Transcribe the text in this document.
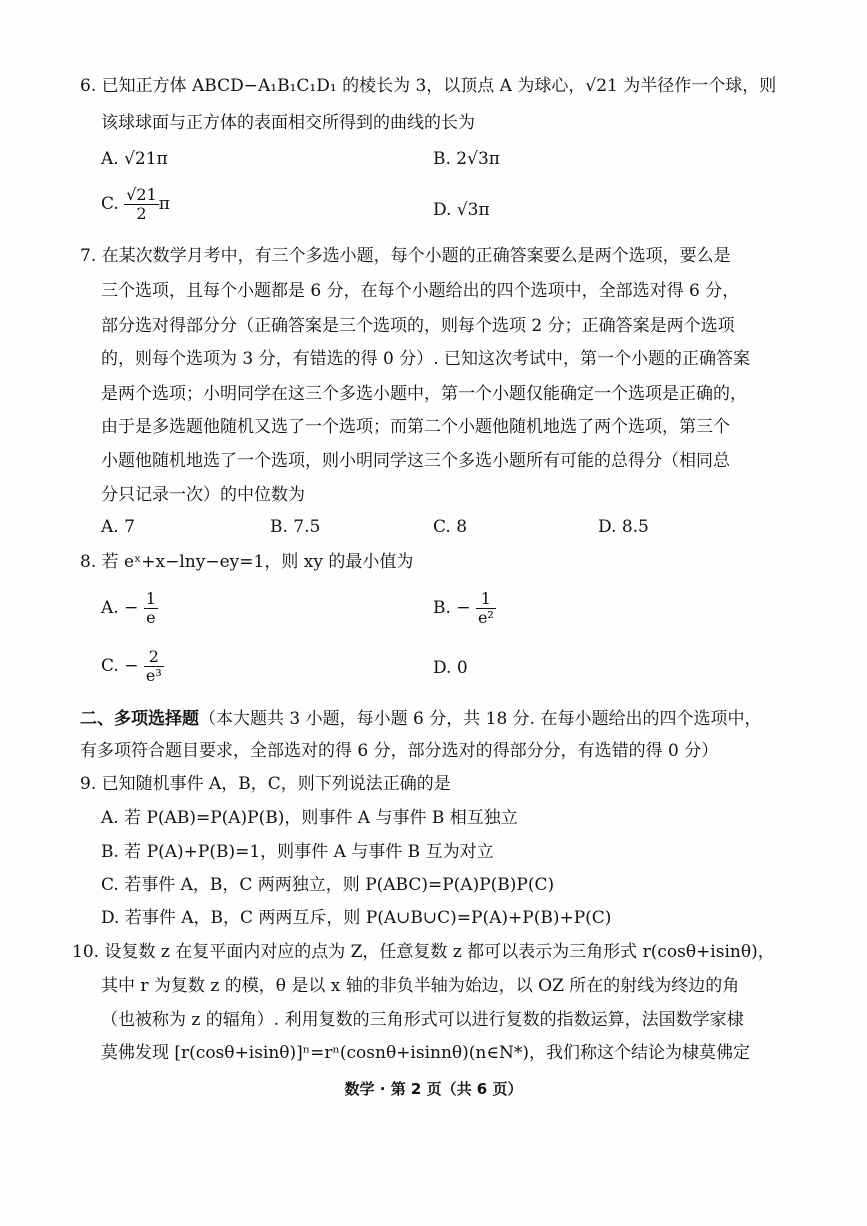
6. 已知正方体 ABCD−A₁B₁C₁D₁ 的棱长为 3，以顶点 A 为球心，√21 为半径作一个球，则
该球球面与正方体的表面相交所得到的曲线的长为
A. √21π	B. 2√3π
C. $\frac{√21}{2}$ π	D. √3π
7. 在某次数学月考中，有三个多选小题，每个小题的正确答案要么是两个选项，要么是
三个选项，且每个小题都是 6 分，在每个小题给出的四个选项中，全部选对得 6 分，
部分选对得部分分（正确答案是三个选项的，则每个选项 2 分；正确答案是两个选项
的，则每个选项为 3 分，有错选的得 0 分）. 已知这次考试中，第一个小题的正确答案
是两个选项；小明同学在这三个多选小题中，第一个小题仅能确定一个选项是正确的，
由于是多选题他随机又选了一个选项；而第二个小题他随机地选了两个选项，第三个
小题他随机地选了一个选项，则小明同学这三个多选小题所有可能的总得分（相同总
分只记录一次）的中位数为
A. 7	B. 7.5	C. 8	D. 8.5
8. 若 eˣ+x−lny−ey=1，则 xy 的最小值为
A. − $\frac{1}{e}$	B. − $\frac{1}{\text{e²}}$
C. − $\frac{2}{\text{e³}}$	D. 0
二、多项选择题（本大题共 3 小题，每小题 6 分，共 18 分. 在每小题给出的四个选项中，
有多项符合题目要求，全部选对的得 6 分，部分选对的得部分分，有选错的得 0 分）
9. 已知随机事件 A，B，C，则下列说法正确的是
A. 若 P(AB)=P(A)P(B)，则事件 A 与事件 B 相互独立
B. 若 P(A)+P(B)=1，则事件 A 与事件 B 互为对立
C. 若事件 A，B，C 两两独立，则 P(ABC)=P(A)P(B)P(C)
D. 若事件 A，B，C 两两互斥，则 P(A∪B∪C)=P(A)+P(B)+P(C)
10. 设复数 z 在复平面内对应的点为 Z，任意复数 z 都可以表示为三角形式 r(cosθ+isinθ)，
其中 r 为复数 z 的模，θ 是以 x 轴的非负半轴为始边，以 OZ 所在的射线为终边的角
（也被称为 z 的辐角）. 利用复数的三角形式可以进行复数的指数运算，法国数学家棣
莫佛发现 [r(cosθ+isinθ)]ⁿ=rⁿ(cosnθ+isinnθ)(n∈N*)，我们称这个结论为棣莫佛定
数学 · 第 2 页（共 6 页）
